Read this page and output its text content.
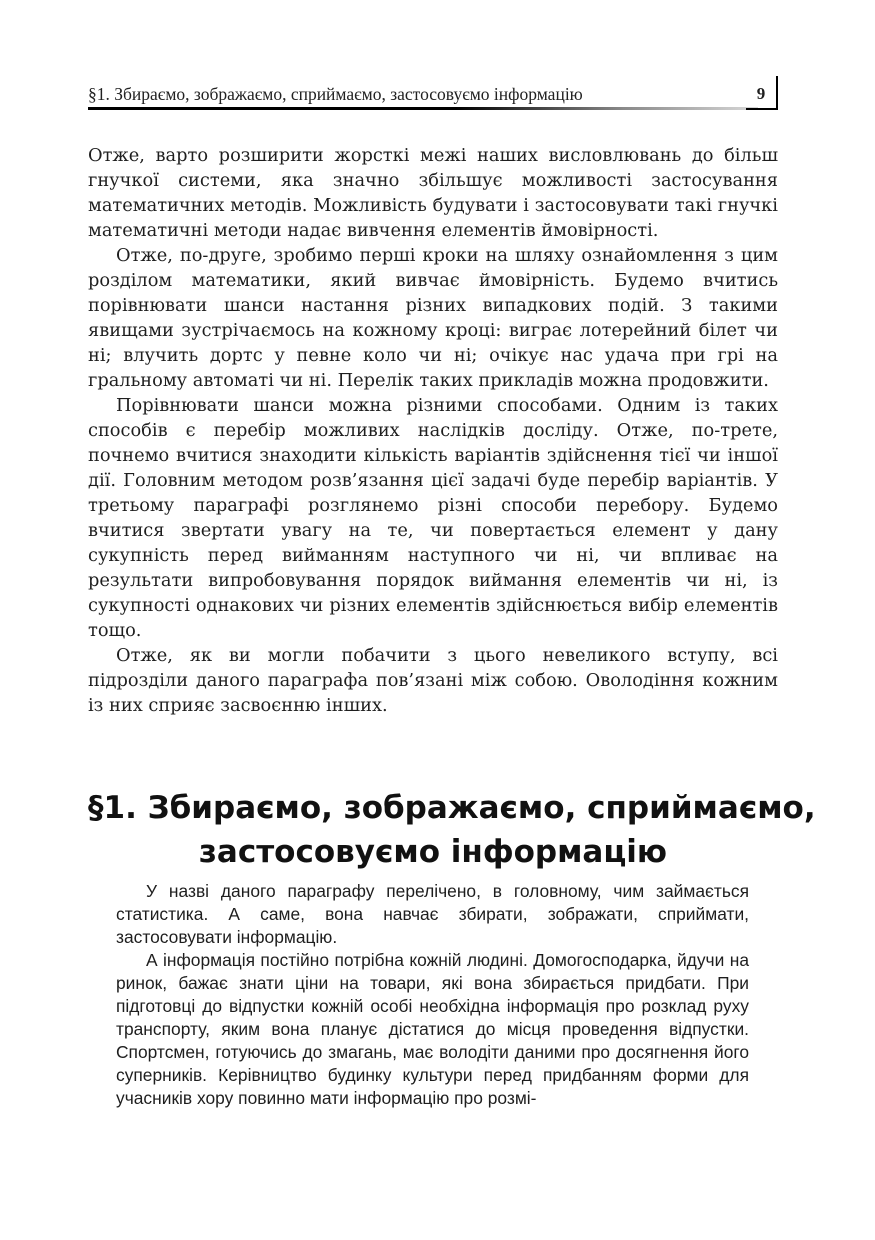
§1. Збираємо, зображаємо, сприймаємо, застосовуємо інформацію	9

Отже, варто розширити жорсткі межі наших висловлювань до більш гнучкої системи, яка значно збільшує можливості застосування математичних методів. Можливість будувати і застосовувати такі гнучкі математичні методи надає вивчення елементів ймовірності.

Отже, по-друге, зробимо перші кроки на шляху ознайомлення з цим розділом математики, який вивчає ймовірність. Будемо вчитись порівнювати шанси настання різних випадкових подій. З такими явищами зустрічаємось на кожному кроці: виграє лотерейний білет чи ні; влучить дортс у певне коло чи ні; очікує нас удача при грі на гральному автоматі чи ні. Перелік таких прикладів можна продовжити.

Порівнювати шанси можна різними способами. Одним із таких способів є перебір можливих наслідків досліду. Отже, по-трете, почнемо вчитися знаходити кількість варіантів здійснення тієї чи іншої дії. Головним методом розв’язання цієї задачі буде перебір варіантів. У третьому параграфі розглянемо різні способи перебору. Будемо вчитися звертати увагу на те, чи повертається елемент у дану сукупність перед вийманням наступного чи ні, чи впливає на результати випробовування порядок виймання елементів чи ні, із сукупності однакових чи різних елементів здійснюється вибір елементів тощо.

Отже, як ви могли побачити з цього невеликого вступу, всі підрозділи даного параграфа пов’язані між собою. Оволодіння кожним із них сприяє засвоєнню інших.

§1. Збираємо, зображаємо, сприймаємо,
застосовуємо інформацію

У назві даного параграфу перелічено, в головному, чим займається статистика. А саме, вона навчає збирати, зображати, сприймати, застосовувати інформацію.

А інформація постійно потрібна кожній людині. Домогосподарка, йдучи на ринок, бажає знати ціни на товари, які вона збирається придбати. При підготовці до відпустки кожній особі необхідна інформація про розклад руху транспорту, яким вона планує дістатися до місця проведення відпустки. Спортсмен, готуючись до змагань, має володіти даними про досягнення його суперників. Керівництво будинку культури перед придбанням форми для учасників хору повинно мати інформацію про розмі-
